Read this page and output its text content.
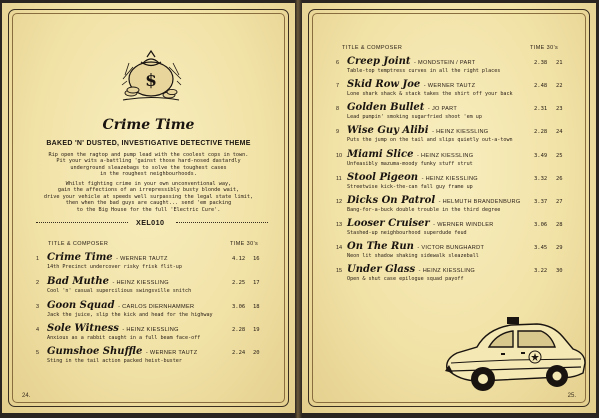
$
Crime Time
BAKED 'N' DUSTED, INVESTIGATIVE DETECTIVE THEME
Rip open the ragtop and pump lead with the coolest cops in town.
Pit your wits a-battling 'gainst those hard-nosed dastardly
underground sleazebags to solve the toughest cases
in the roughest neighbourhoods.
Whilst fighting crime in your own unconventional way,
gain the affections of an irrepressibly busty blonde wait,
drive your vehicle at speeds well surpassing the legal state limit,
then when the bad guys are caught... send 'em packing
to the Big House for the full 'Electric Cure'.
XEL010
TITLE & COMPOSER	TIME 30's
1 Crime Time - WERNER TAUTZ
14th Precinct undercover risky frisk flit-up
4.12 16
2 Bad Muthe - HEINZ KIESSLING
Cool 'n' casual supercilious swingsville snitch
2.25 17
3 Goon Squad - CARLOS DIERNHAMMER
Jack the juice, slip the kick and head for the highway
3.06 18
4 Sole Witness - HEINZ KIESSLING
Anxious as a rabbit caught in a full beam face-off
2.28 19
5 Gumshoe Shuffle - WERNER TAUTZ
Sting in the tail action packed heist-buster
2.24 20
24.
TITLE & COMPOSER	TIME 30's
6 Creep Joint - MONDSTEIN / PART
Table-top temptress curves in all the right places
2.38 21
7 Skid Row Joe - WERNER TAUTZ
Lone shark shack & stack takes the shirt off your back
2.48 22
8 Golden Bullet - JO PART
Lead pumpin' smoking sugarfried shoot 'em up
2.31 23
9 Wise Guy Alibi - HEINZ KIESSLING
Puts the jump on the tail and slips quietly out-a-town
2.28 24
10 Miami Slice - HEINZ KIESSLING
Unfeasibly mazuma-moody funky stuff strut
3.49 25
11 Stool Pigeon - HEINZ KIESSLING
Streetwise kick-the-can fall guy frame up
3.32 26
12 Dicks On Patrol - HELMUTH BRANDENBURG
Bang-for-a-buck double trouble in the third degree
3.37 27
13 Looser Cruiser - WERNER WINDLER
Stashed-up neighbourhood superdude feud
3.06 28
14 On The Run - VICTOR BUNGHARDT
Neon lit shadow shaking sidewalk sleazeball
3.45 29
15 Under Glass - HEINZ KIESSLING
Open & shut case epilogue squad payoff
3.22 30
25.
